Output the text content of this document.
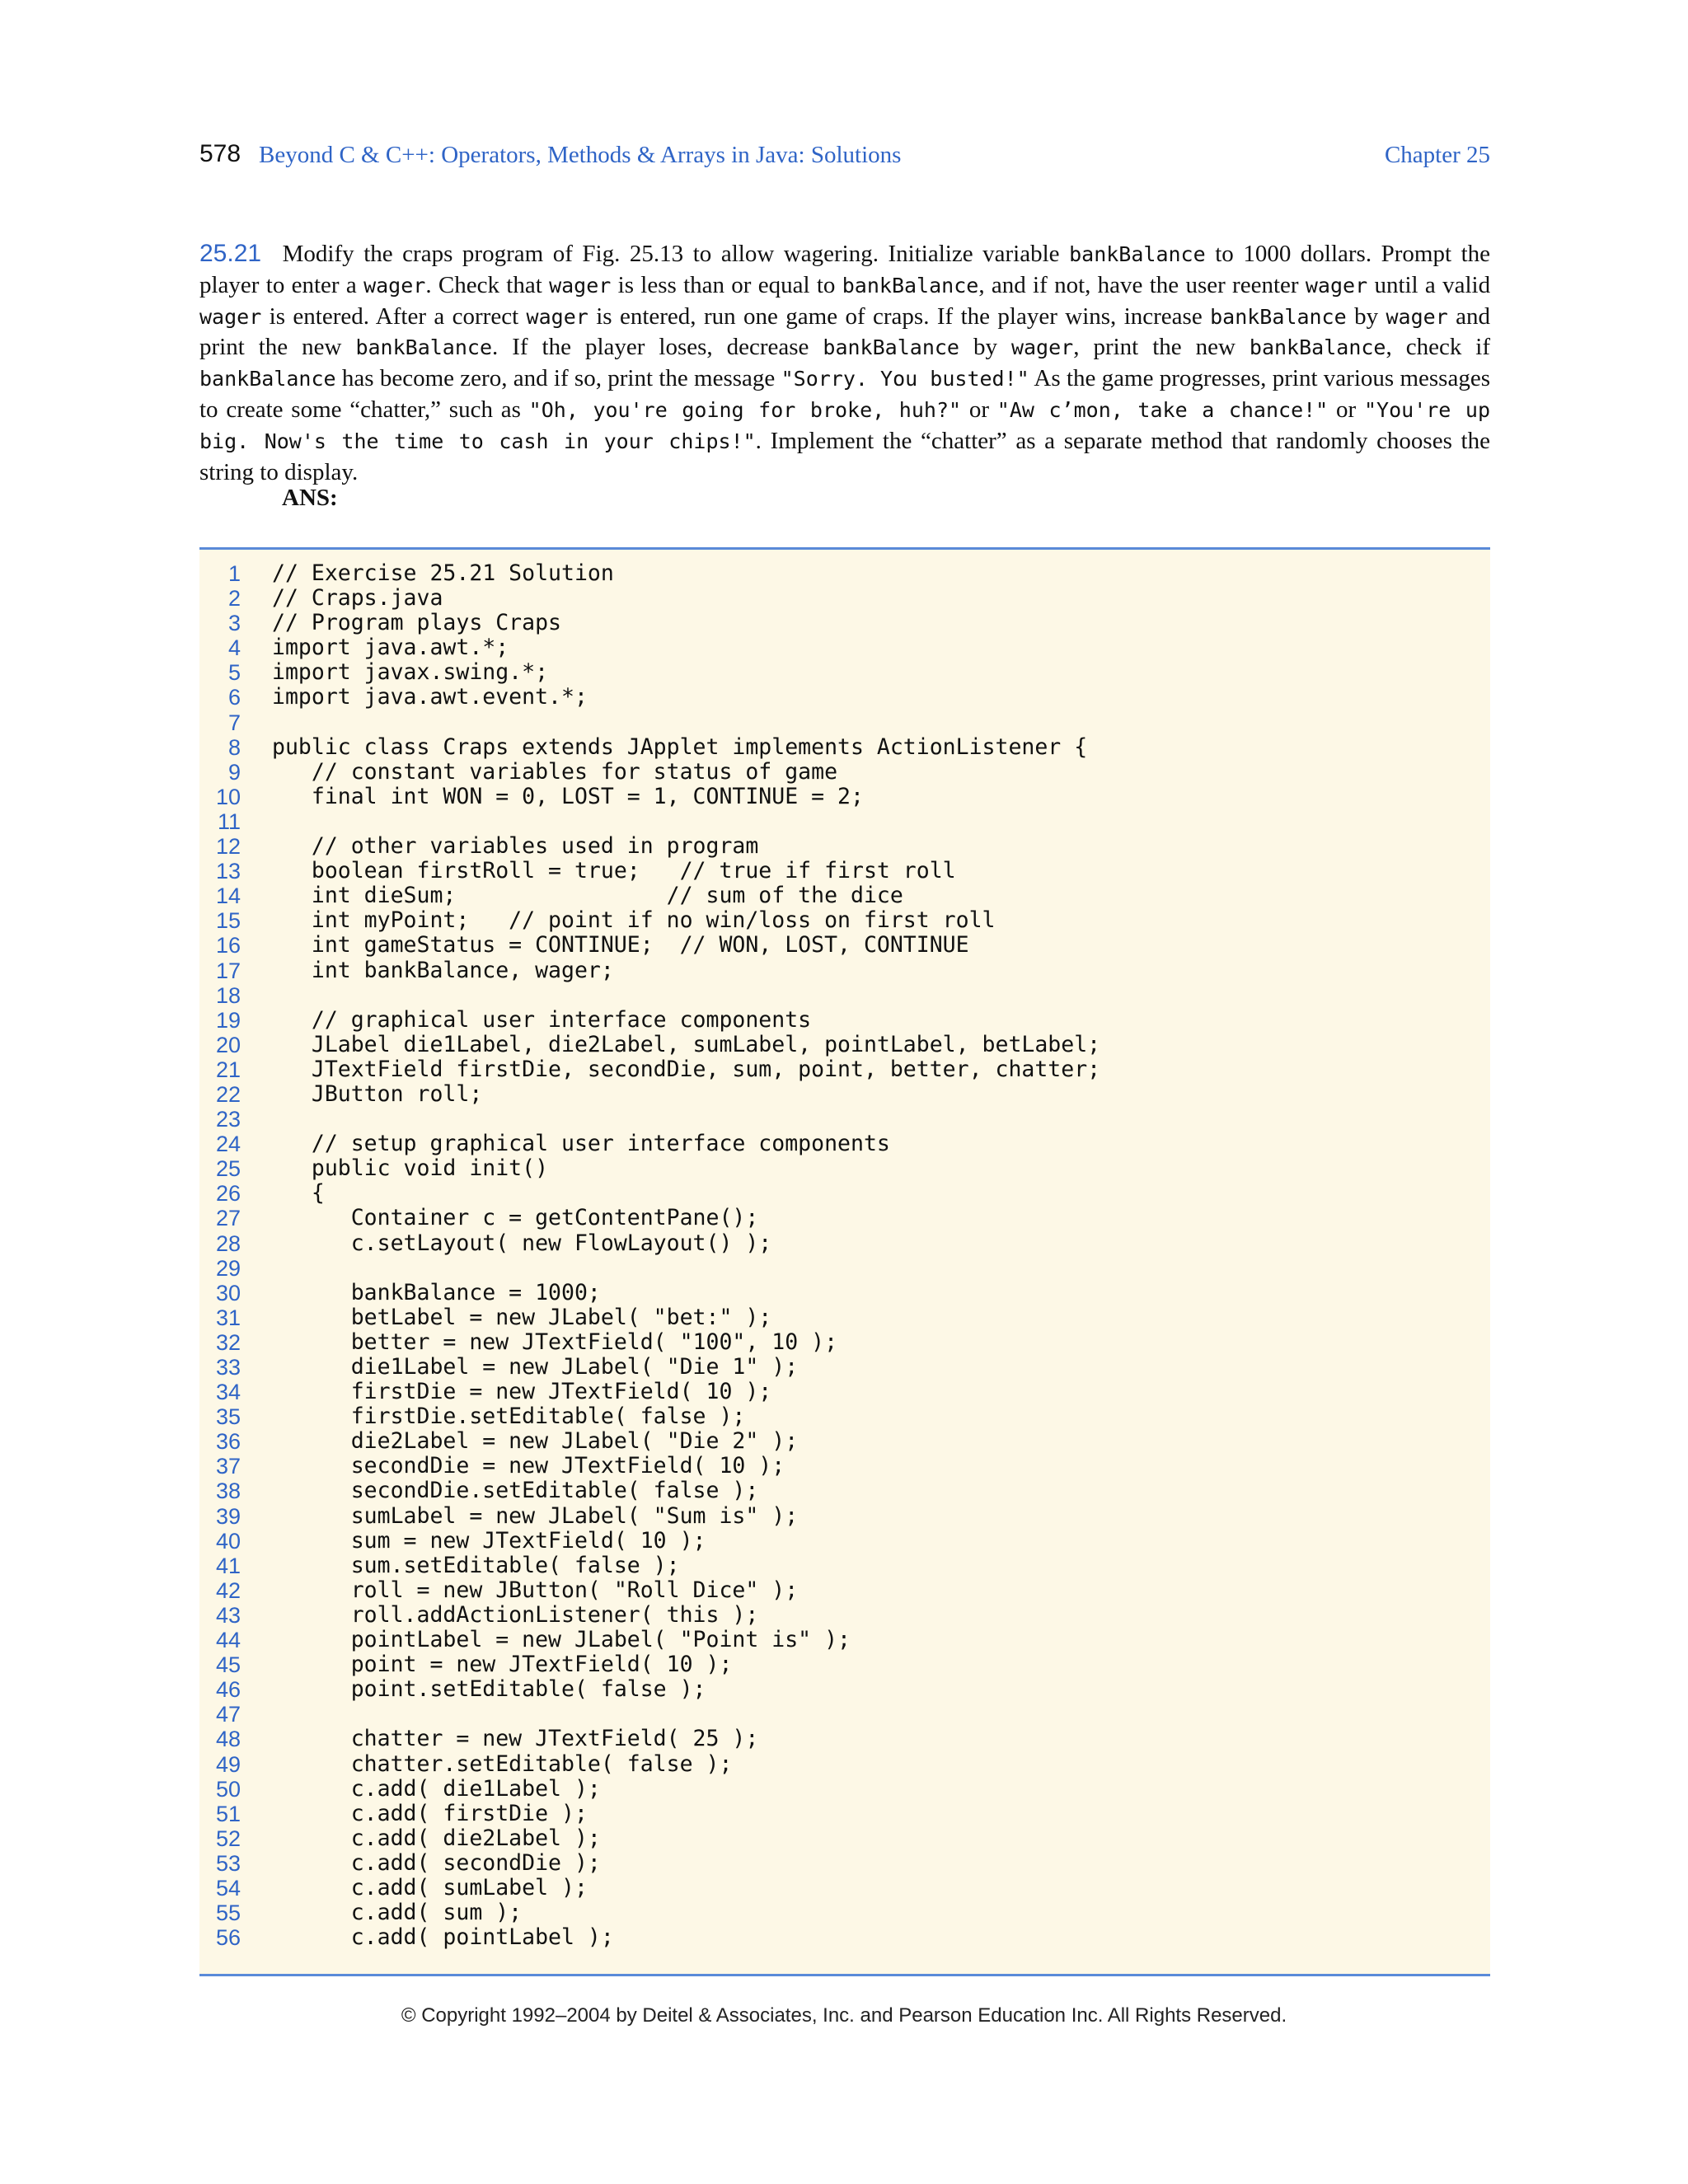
578 Beyond C & C++: Operators, Methods & Arrays in Java: Solutions	Chapter 25
25.21 Modify the craps program of Fig. 25.13 to allow wagering. Initialize variable bankBalance to 1000 dollars. Prompt the player to enter a wager. Check that wager is less than or equal to bankBalance, and if not, have the user reenter wager until a valid wager is entered. After a correct wager is entered, run one game of craps. If the player wins, increase bankBalance by wager and print the new bankBalance. If the player loses, decrease bankBalance by wager, print the new bankBalance, check if bankBalance has become zero, and if so, print the message "Sorry. You busted!" As the game progresses, print various messages to create some “chatter,” such as "Oh, you're going for broke, huh?" or "Aw c’mon, take a chance!" or "You're up big. Now's the time to cash in your chips!". Implement the “chatter” as a separate method that randomly chooses the string to display.
ANS:
1 // Exercise 25.21 Solution
2 // Craps.java
3 // Program plays Craps
4 import java.awt.*;
5 import javax.swing.*;
6 import java.awt.event.*;
7
8 public class Craps extends JApplet implements ActionListener {
9 // constant variables for status of game
10 final int WON = 0, LOST = 1, CONTINUE = 2;
11
12 // other variables used in program
13 boolean firstRoll = true;   // true if first roll
14 int dieSum;                // sum of the dice
15 int myPoint;   // point if no win/loss on first roll
16 int gameStatus = CONTINUE;  // WON, LOST, CONTINUE
17 int bankBalance, wager;
18
19 // graphical user interface components
20 JLabel die1Label, die2Label, sumLabel, pointLabel, betLabel;
21 JTextField firstDie, secondDie, sum, point, better, chatter;
22 JButton roll;
23
24 // setup graphical user interface components
25 public void init()
26 {
27 Container c = getContentPane();
28 c.setLayout( new FlowLayout() );
29
30 bankBalance = 1000;
31 betLabel = new JLabel( "bet:" );
32 better = new JTextField( "100", 10 );
33 die1Label = new JLabel( "Die 1" );
34 firstDie = new JTextField( 10 );
35 firstDie.setEditable( false );
36 die2Label = new JLabel( "Die 2" );
37 secondDie = new JTextField( 10 );
38 secondDie.setEditable( false );
39 sumLabel = new JLabel( "Sum is" );
40 sum = new JTextField( 10 );
41 sum.setEditable( false );
42 roll = new JButton( "Roll Dice" );
43 roll.addActionListener( this );
44 pointLabel = new JLabel( "Point is" );
45 point = new JTextField( 10 );
46 point.setEditable( false );
47
48 chatter = new JTextField( 25 );
49 chatter.setEditable( false );
50 c.add( die1Label );
51 c.add( firstDie );
52 c.add( die2Label );
53 c.add( secondDie );
54 c.add( sumLabel );
55 c.add( sum );
56 c.add( pointLabel );
© Copyright 1992–2004 by Deitel & Associates, Inc. and Pearson Education Inc. All Rights Reserved.
